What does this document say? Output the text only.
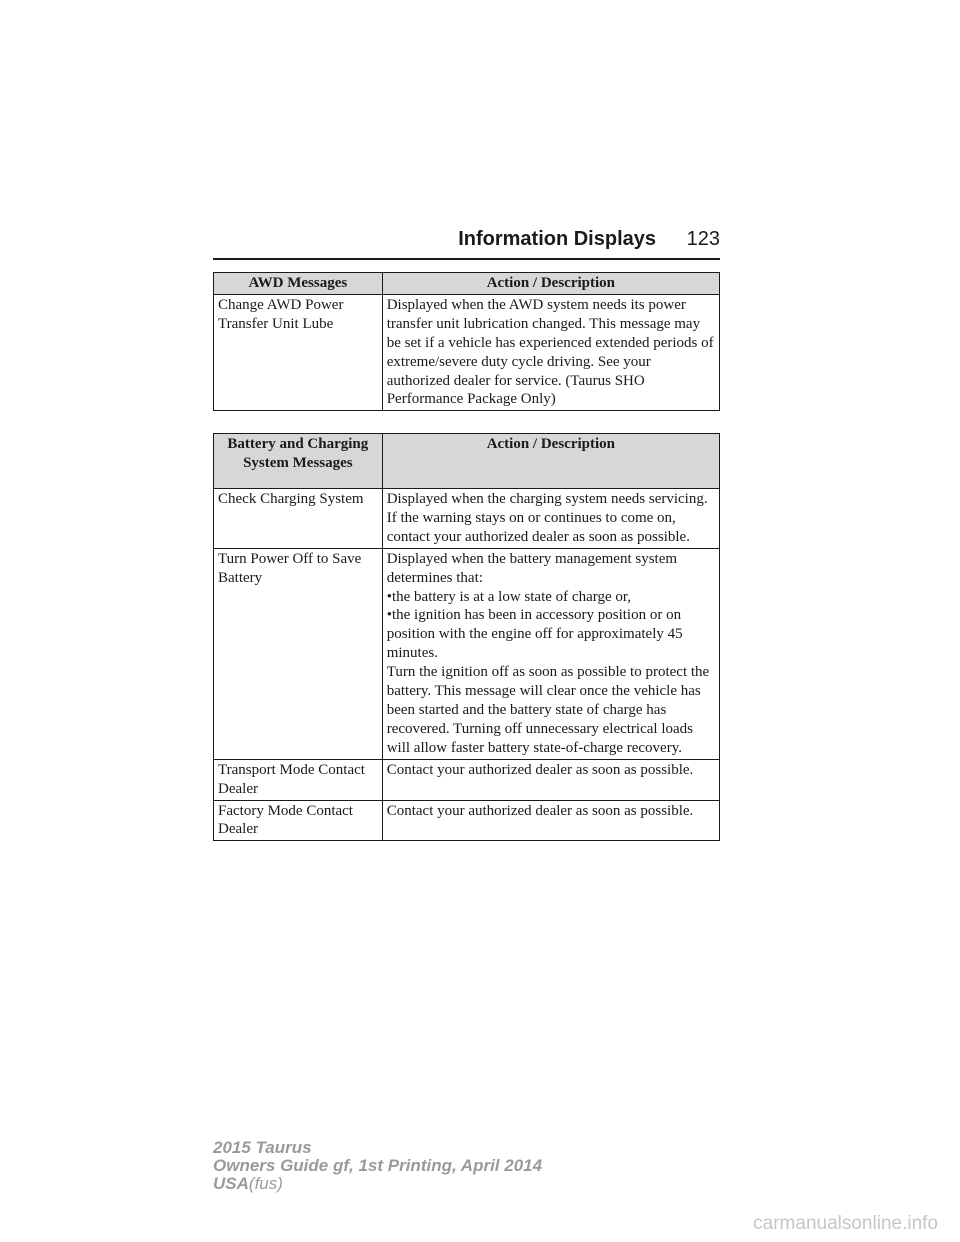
Information Displays 123
AWD Messages	Action / Description
Change AWD Power Transfer Unit Lube	Displayed when the AWD system needs its power transfer unit lubrication changed. This message may be set if a vehicle has experienced extended periods of extreme/severe duty cycle driving. See your authorized dealer for service. (Taurus SHO Performance Package Only)
Battery and Charging System Messages	Action / Description
Check Charging System	Displayed when the charging system needs servicing. If the warning stays on or continues to come on, contact your authorized dealer as soon as possible.
Turn Power Off to Save Battery	Displayed when the battery management system determines that:
•the battery is at a low state of charge or,
•the ignition has been in accessory position or on position with the engine off for approximately 45 minutes.
Turn the ignition off as soon as possible to protect the battery. This message will clear once the vehicle has been started and the battery state of charge has recovered. Turning off unnecessary electrical loads will allow faster battery state-of-charge recovery.

Transport Mode Contact Dealer	Contact your authorized dealer as soon as possible.
Factory Mode Contact Dealer	Contact your authorized dealer as soon as possible.
2015 Taurus
Owners Guide gf, 1st Printing, April 2014
USA(fus)
carmanualsonline.info
